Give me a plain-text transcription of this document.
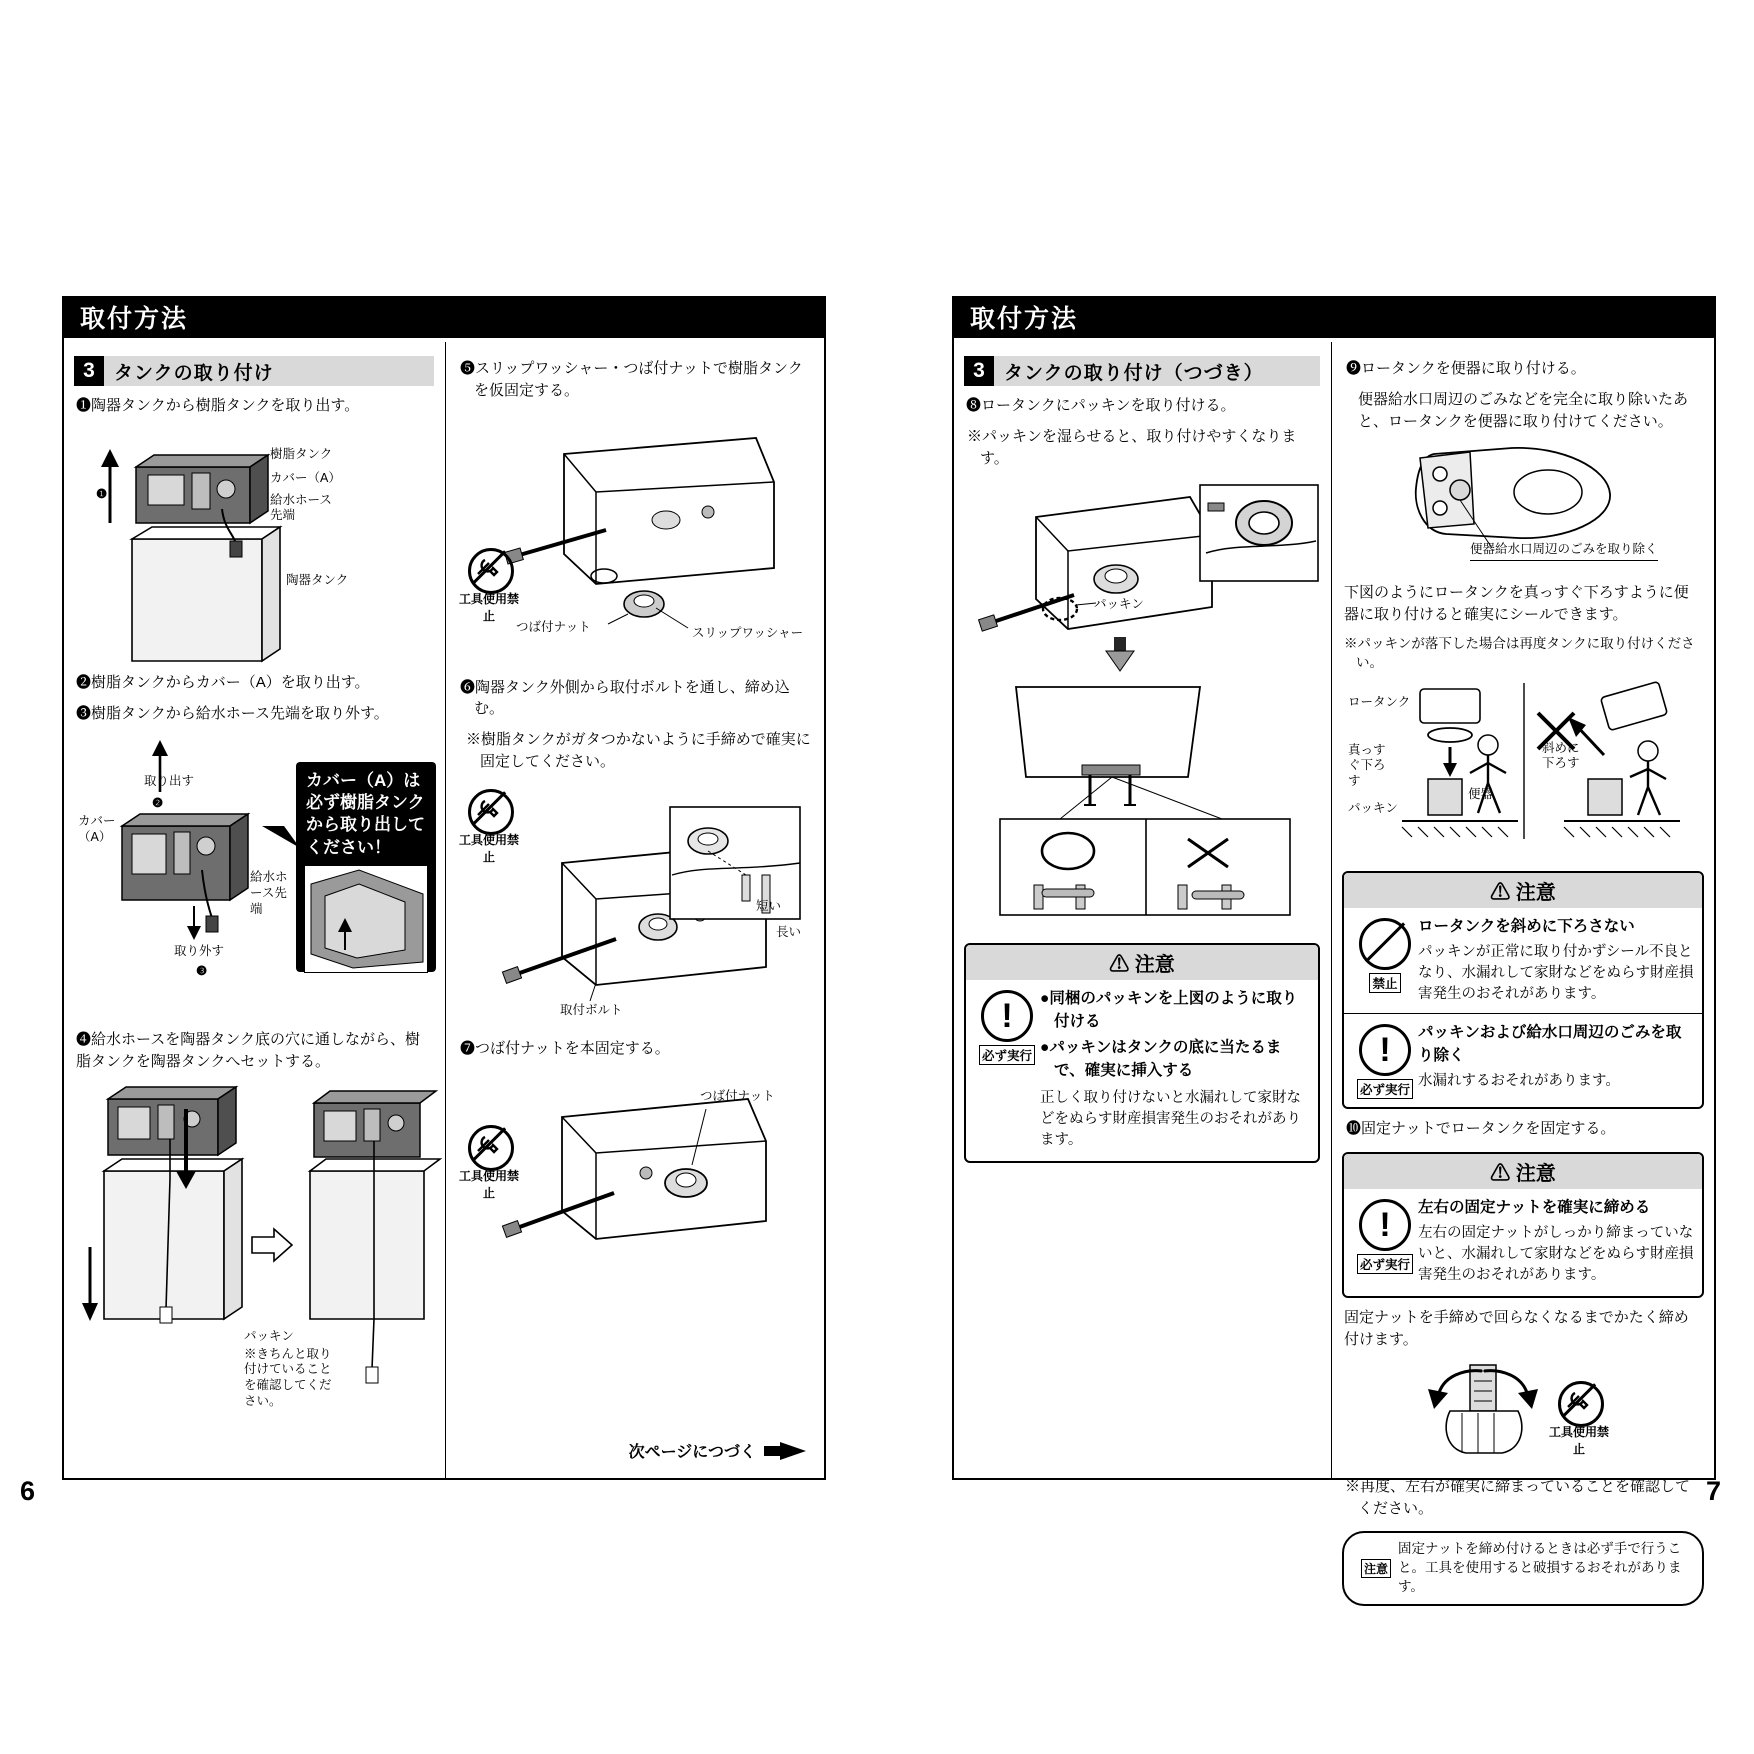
取付方法
3	タンクの取り付け
❶陶器タンクから樹脂タンクを取り出す。
樹脂タンク
カバー（A）
給水ホース先端
陶器タンク
❶
❷樹脂タンクからカバー（A）を取り出す。
❸樹脂タンクから給水ホース先端を取り外す。
カバー（A）
取り出す
❷
給水ホース先端
取り外す
❸
カバー（A）は必ず樹脂タンクから取り出してください！
❹給水ホースを陶器タンク底の穴に通しながら、樹脂タンクを陶器タンクへセットする。
パッキン
※きちんと取り付けていることを確認してください。
❺スリップワッシャー・つば付ナットで樹脂タンクを仮固定する。
工具使用禁止
つば付ナット	スリップワッシャー
❻陶器タンク外側から取付ボルトを通し、締め込む。
※樹脂タンクがガタつかないように手締めで確実に固定してください。
工具使用禁止
取付ボルト
短い
長い
❼つば付ナットを本固定する。
工具使用禁止
つば付ナット
次ページにつづく
6
取付方法
3	タンクの取り付け（つづき）
❽ロータンクにパッキンを取り付ける。
※パッキンを湿らせると、取り付けやすくなります。
パッキン
⚠ 注意
!
必ず実行
●同梱のパッキンを上図のように取り付ける
●パッキンはタンクの底に当たるまで、確実に挿入する
正しく取り付けないと水漏れして家財などをぬらす財産損害発生のおそれがあります。
❾ロータンクを便器に取り付ける。
便器給水口周辺のごみなどを完全に取り除いたあと、ロータンクを便器に取り付けてください。
便器給水口周辺のごみを取り除く
下図のようにロータンクを真っすぐ下ろすように便器に取り付けると確実にシールできます。
※パッキンが落下した場合は再度タンクに取り付けください。
ロータンク
真っすぐ下ろす
便器
パッキン
斜めに下ろす
⚠ 注意
禁止
ロータンクを斜めに下ろさない
パッキンが正常に取り付かずシール不良となり、水漏れして家財などをぬらす財産損害発生のおそれがあります。
!
必ず実行
パッキンおよび給水口周辺のごみを取り除く
水漏れするおそれがあります。
❿固定ナットでロータンクを固定する。
⚠ 注意
!
必ず実行
左右の固定ナットを確実に締める
左右の固定ナットがしっかり締まっていないと、水漏れして家財などをぬらす財産損害発生のおそれがあります。
固定ナットを手締めで回らなくなるまでかたく締め付けます。
工具使用禁止
※再度、左右が確実に締まっていることを確認してください。
注意
固定ナットを締め付けるときは必ず手で行うこと。工具を使用すると破損するおそれがあります。
7
